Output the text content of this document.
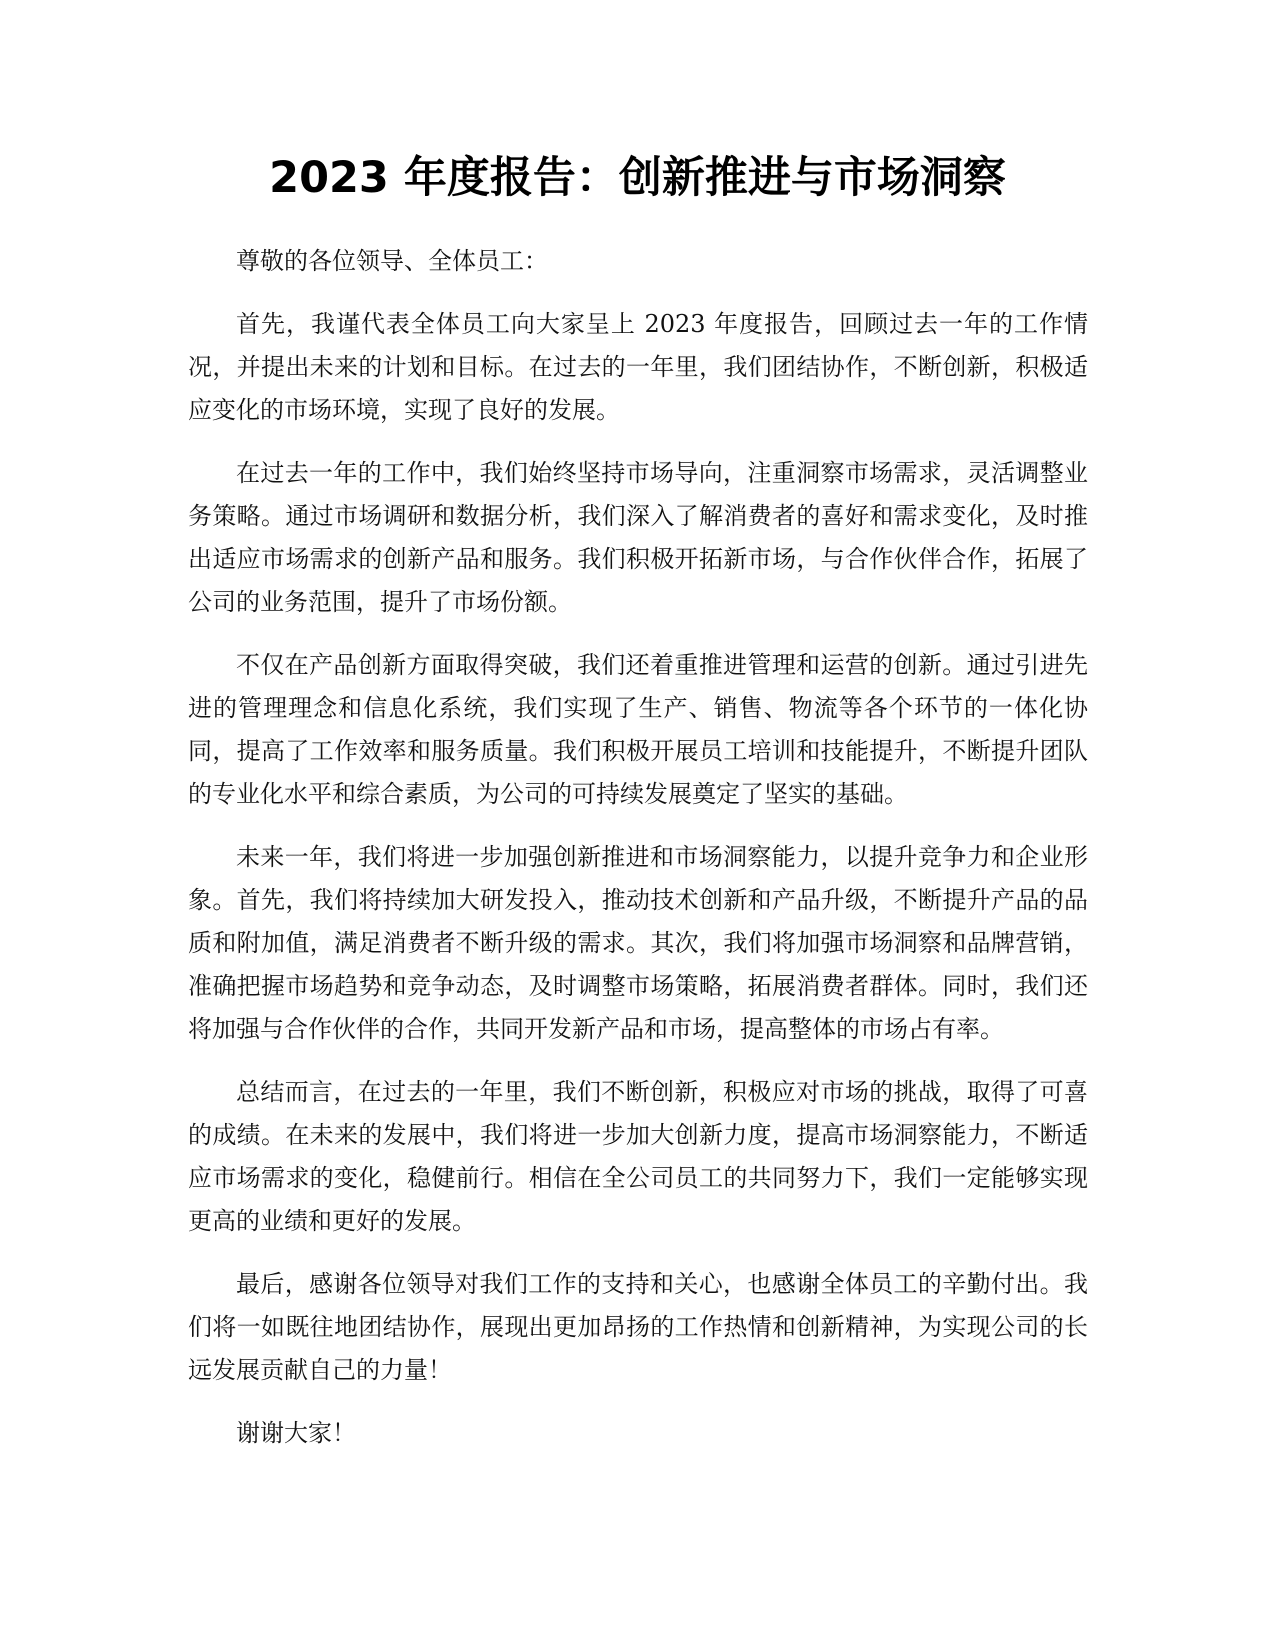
2023 年度报告：创新推进与市场洞察

尊敬的各位领导、全体员工：

首先，我谨代表全体员工向大家呈上 2023 年度报告，回顾过去一年的工作情况，并提出未来的计划和目标。在过去的一年里，我们团结协作，不断创新，积极适应变化的市场环境，实现了良好的发展。

在过去一年的工作中，我们始终坚持市场导向，注重洞察市场需求，灵活调整业务策略。通过市场调研和数据分析，我们深入了解消费者的喜好和需求变化，及时推出适应市场需求的创新产品和服务。我们积极开拓新市场，与合作伙伴合作，拓展了公司的业务范围，提升了市场份额。

不仅在产品创新方面取得突破，我们还着重推进管理和运营的创新。通过引进先进的管理理念和信息化系统，我们实现了生产、销售、物流等各个环节的一体化协同，提高了工作效率和服务质量。我们积极开展员工培训和技能提升，不断提升团队的专业化水平和综合素质，为公司的可持续发展奠定了坚实的基础。

未来一年，我们将进一步加强创新推进和市场洞察能力，以提升竞争力和企业形象。首先，我们将持续加大研发投入，推动技术创新和产品升级，不断提升产品的品质和附加值，满足消费者不断升级的需求。其次，我们将加强市场洞察和品牌营销，准确把握市场趋势和竞争动态，及时调整市场策略，拓展消费者群体。同时，我们还将加强与合作伙伴的合作，共同开发新产品和市场，提高整体的市场占有率。

总结而言，在过去的一年里，我们不断创新，积极应对市场的挑战，取得了可喜的成绩。在未来的发展中，我们将进一步加大创新力度，提高市场洞察能力，不断适应市场需求的变化，稳健前行。相信在全公司员工的共同努力下，我们一定能够实现更高的业绩和更好的发展。

最后，感谢各位领导对我们工作的支持和关心，也感谢全体员工的辛勤付出。我们将一如既往地团结协作，展现出更加昂扬的工作热情和创新精神，为实现公司的长远发展贡献自己的力量！

谢谢大家！
